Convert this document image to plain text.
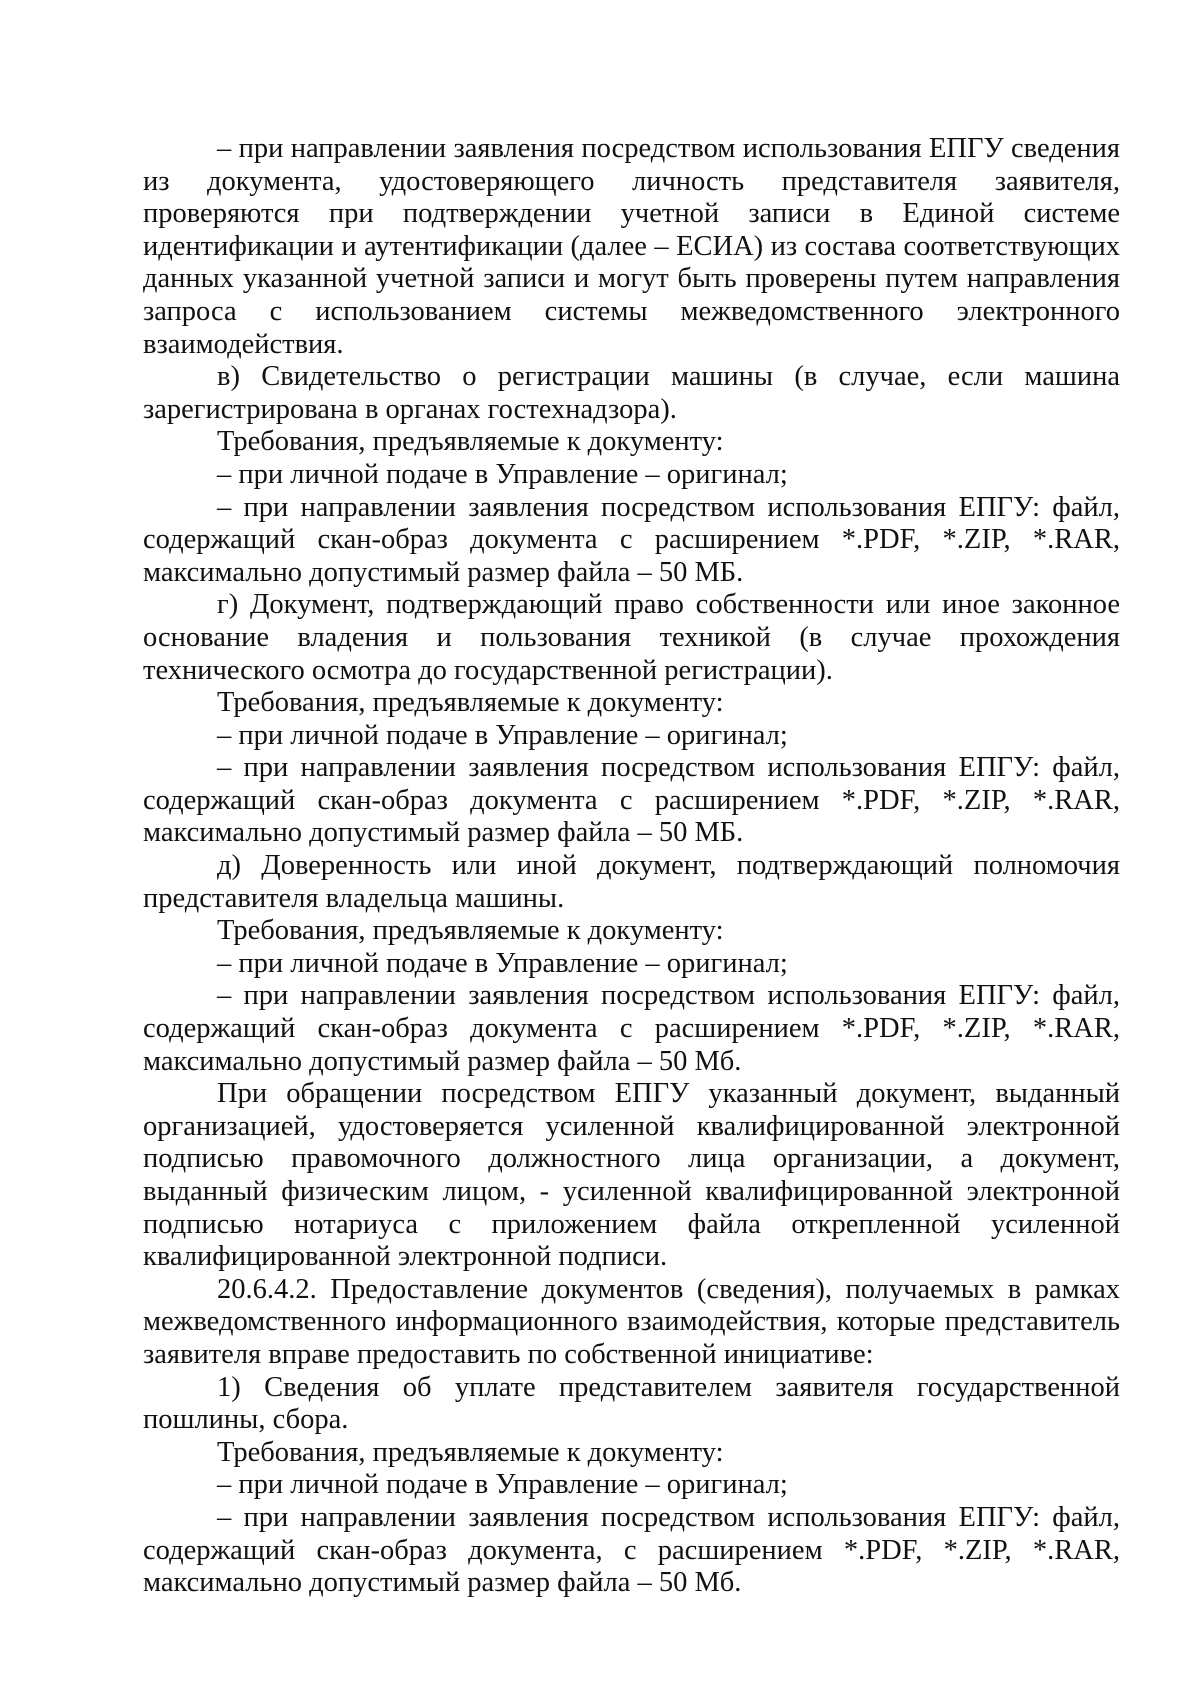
– при направлении заявления посредством использования ЕПГУ сведения из документа, удостоверяющего личность представителя заявителя, проверяются при подтверждении учетной записи в Единой системе идентификации и аутентификации (далее – ЕСИА) из состава соответствующих данных указанной учетной записи и могут быть проверены путем направления запроса с использованием системы межведомственного электронного взаимодействия.

в) Свидетельство о регистрации машины (в случае, если машина зарегистрирована в органах гостехнадзора).

Требования, предъявляемые к документу:

– при личной подаче в Управление – оригинал;

– при направлении заявления посредством использования ЕПГУ: файл, содержащий скан-образ документа с расширением *.PDF, *.ZIP, *.RAR, максимально допустимый размер файла – 50 МБ.

г) Документ, подтверждающий право собственности или иное законное основание владения и пользования техникой (в случае прохождения технического осмотра до государственной регистрации).

Требования, предъявляемые к документу:

– при личной подаче в Управление – оригинал;

– при направлении заявления посредством использования ЕПГУ: файл, содержащий скан-образ документа с расширением *.PDF, *.ZIP, *.RAR, максимально допустимый размер файла – 50 МБ.

д) Доверенность или иной документ, подтверждающий полномочия представителя владельца машины.

Требования, предъявляемые к документу:

– при личной подаче в Управление – оригинал;

– при направлении заявления посредством использования ЕПГУ: файл, содержащий скан-образ документа с расширением *.PDF, *.ZIP, *.RAR, максимально допустимый размер файла – 50 Мб.

При обращении посредством ЕПГУ указанный документ, выданный организацией, удостоверяется усиленной квалифицированной электронной подписью правомочного должностного лица организации, а документ, выданный физическим лицом, - усиленной квалифицированной электронной подписью нотариуса с приложением файла открепленной усиленной квалифицированной электронной подписи.

20.6.4.2. Предоставление документов (сведения), получаемых в рамках межведомственного информационного взаимодействия, которые представитель заявителя вправе предоставить по собственной инициативе:

1) Сведения об уплате представителем заявителя государственной пошлины, сбора.

Требования, предъявляемые к документу:

– при личной подаче в Управление – оригинал;

– при направлении заявления посредством использования ЕПГУ: файл, содержащий скан-образ документа, с расширением *.PDF, *.ZIP, *.RAR, максимально допустимый размер файла – 50 Мб.
